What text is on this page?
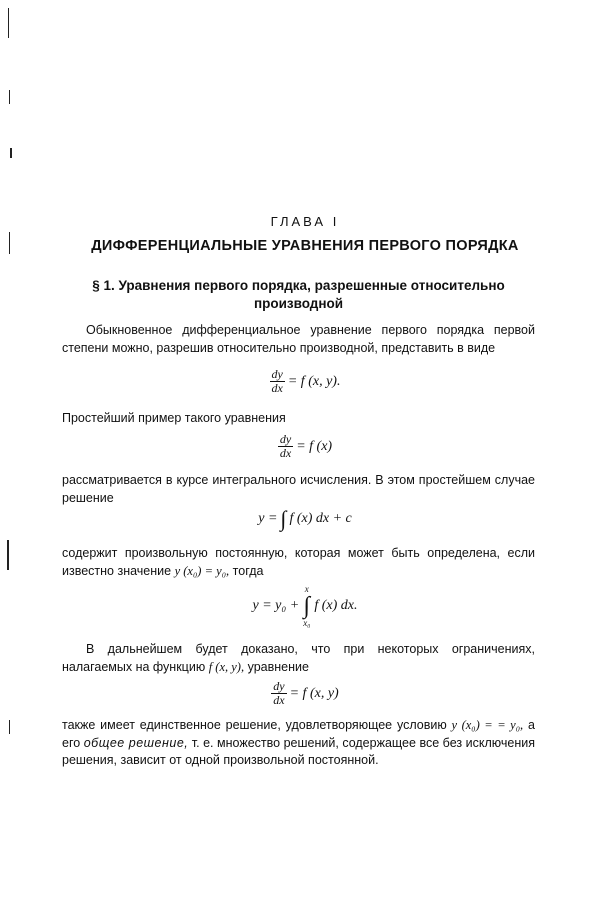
ГЛАВА I
ДИФФЕРЕНЦИАЛЬНЫЕ УРАВНЕНИЯ ПЕРВОГО ПОРЯДКА
§ 1. Уравнения первого порядка, разрешенные относительно
производной
Обыкновенное дифференциальное уравнение первого порядка первой степени можно, разрешив относительно производной, представить в виде
$\frac{dy}{dx} = f$ (x, y).
Простейший пример такого уравнения
$\frac{dy}{dx} = f$ (x)
рассматривается в курсе интегрального исчисления. В этом простейшем случае решение
y = ∫ f (x) dx + c
содержит произвольную постоянную, которая может быть определена, если известно значение y (x₀) = y₀, тогда
y = y₀ +
x
∫
x₀
f (x) dx.
В дальнейшем будет доказано, что при некоторых ограничениях, налагаемых на функцию f (x, y), уравнение
$\frac{dy}{dx} = f$ (x, y)
также имеет единственное решение, удовлетворяющее условию y (x₀) = = y₀, а его общее решение, т. е. множество решений, содержащее все без исключения решения, зависит от одной произвольной постоянной.
